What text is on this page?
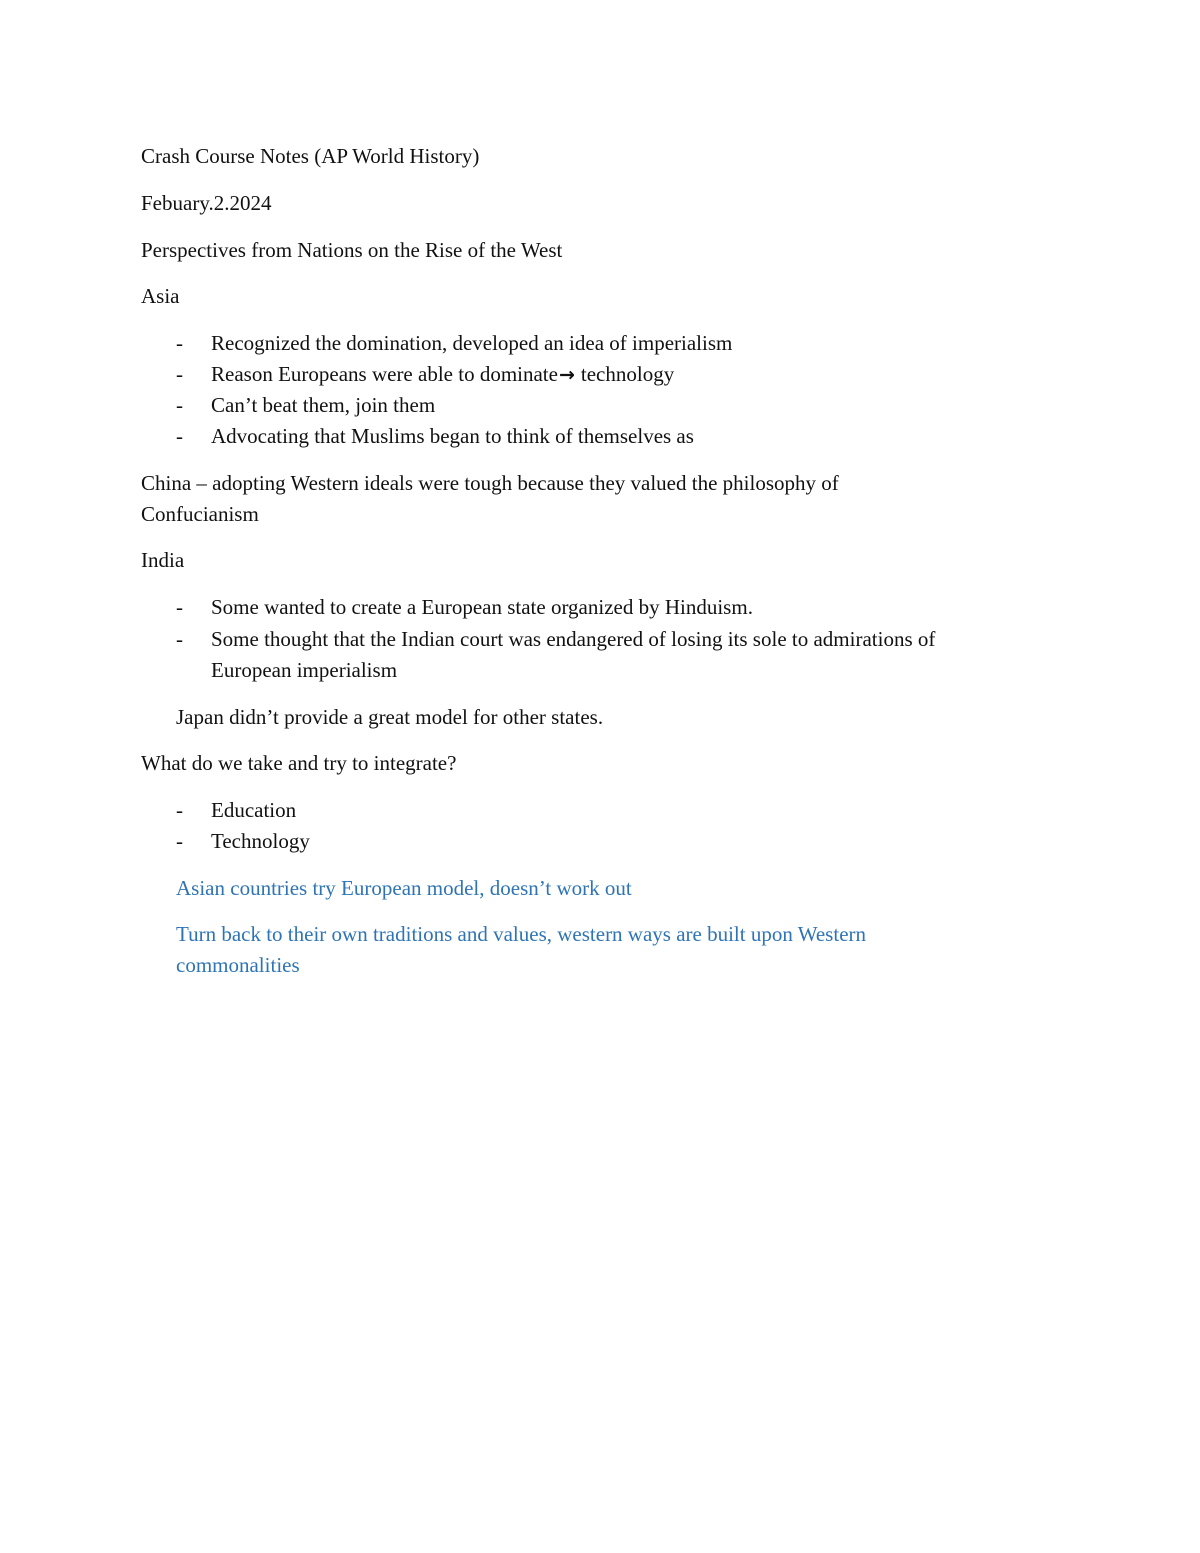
Crash Course Notes (AP World History)
Febuary.2.2024
Perspectives from Nations on the Rise of the West
Asia
- Recognized the domination, developed an idea of imperialism
- Reason Europeans were able to dominate→ technology
- Can’t beat them, join them
- Advocating that Muslims began to think of themselves as
China – adopting Western ideals were tough because they valued the philosophy of
Confucianism
India
- Some wanted to create a European state organized by Hinduism.
- Some thought that the Indian court was endangered of losing its sole to admirations of
European imperialism
Japan didn’t provide a great model for other states.
What do we take and try to integrate?
- Education
- Technology
Asian countries try European model, doesn’t work out
Turn back to their own traditions and values, western ways are built upon Western
commonalities
